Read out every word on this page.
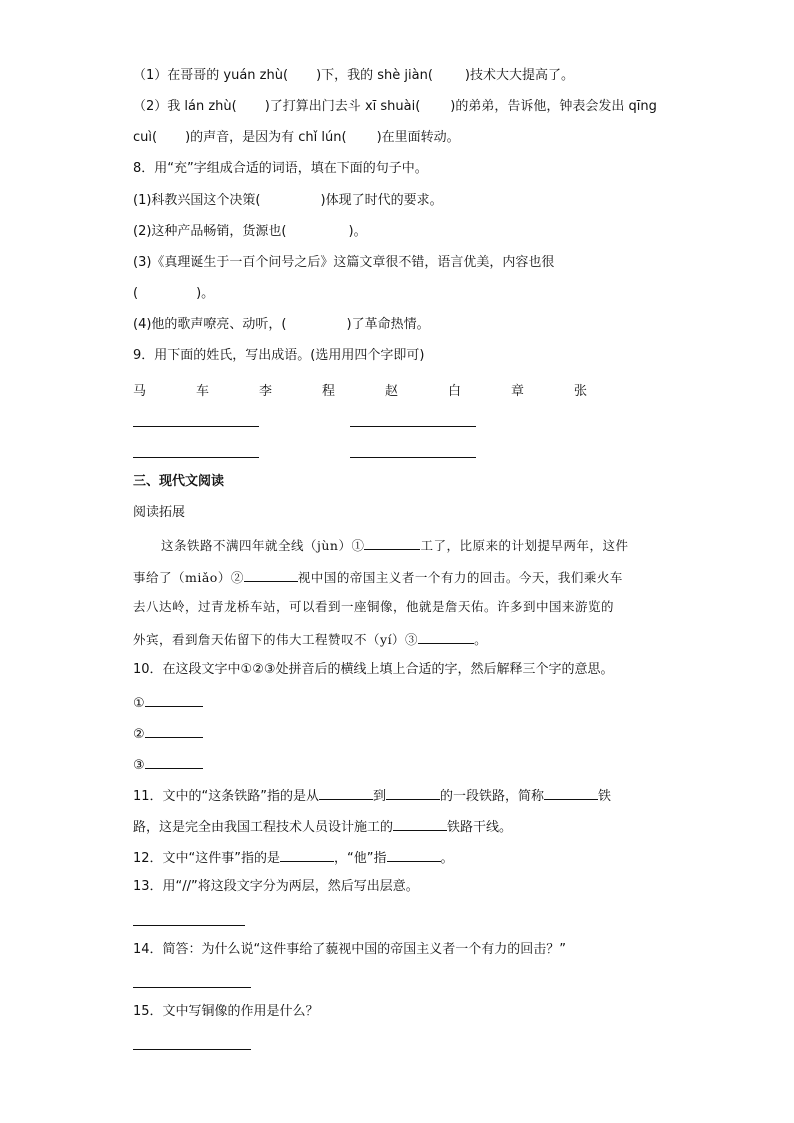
（1）在哥哥的 yuán zhù( )下，我的 shè jiàn( )技术大大提高了。
（2）我 lán zhù( )了打算出门去斗 xī shuài( )的弟弟，告诉他，钟表会发出 qīng
cuì( )的声音，是因为有 chǐ lún( )在里面转动。
8．用“充”字组成合适的词语，填在下面的句子中。
(1)科教兴国这个决策(	)体现了时代的要求。
(2)这种产品畅销，货源也(	)。
(3)《真理诞生于一百个问号之后》这篇文章很不错，语言优美，内容也很
(	)。
(4)他的歌声嘹亮、动听，(	)了革命热情。
9．用下面的姓氏，写出成语。(选用用四个字即可)
马	车	李	程	赵	白	章	张
三、现代文阅读
阅读拓展
这条铁路不满四年就全线（jùn）①	工了，比原来的计划提早两年，这件
事给了（miǎo）②	视中国的帝国主义者一个有力的回击。今天，我们乘火车
去八达岭，过青龙桥车站，可以看到一座铜像，他就是詹天佑。许多到中国来游览的
外宾，看到詹天佑留下的伟大工程赞叹不（yí）③	。
10．在这段文字中①②③处拼音后的横线上填上合适的字，然后解释三个字的意思。
①
②
③
11．文中的“这条铁路”指的是从	到	的一段铁路，简称	铁
路，这是完全由我国工程技术人员设计施工的	铁路干线。
12．文中“这件事”指的是	，“他”指	。
13．用“//”将这段文字分为两层，然后写出层意。
14．简答：为什么说“这件事给了藐视中国的帝国主义者一个有力的回击？”
15．文中写铜像的作用是什么？
